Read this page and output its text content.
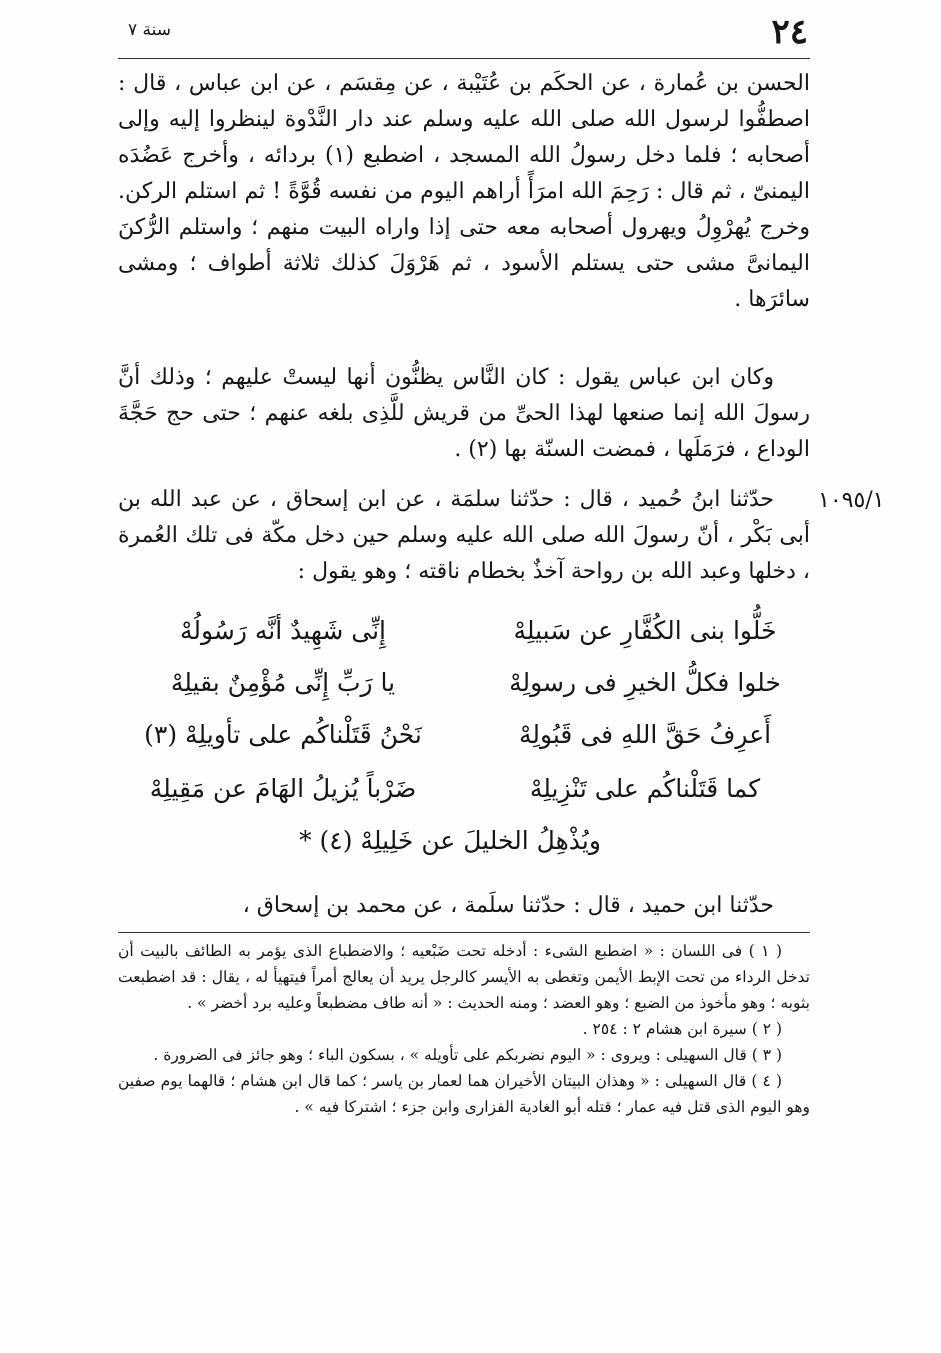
٢٤
سنة ٧

الحسن بن عُمارة ، عن الحكَم بن عُتَيْبة ، عن مِقسَم ، عن ابن عباس ، قال : اصطفُّوا لرسول الله صلى الله عليه وسلم عند دار النَّدْوة لينظروا إليه وإلى أصحابه ؛ فلما دخل رسولُ الله المسجد ، اضطبع (١) بردائه ، وأخرج عَضُدَه اليمنىّ ، ثم قال : رَحِمَ الله امرَأً أراهم اليوم من نفسه قُوَّةً ! ثم استلم الركن. وخرج يُهرْوِلُ ويهرول أصحابه معه حتى إذا واراه البيت منهم ؛ واستلم الرُّكنَ اليمانىَّ مشى حتى يستلم الأسود ، ثم هَرْوَلَ كذلك ثلاثة أطواف ؛ ومشى سائرَها .

وكان ابن عباس يقول : كان النَّاس يظنُّون أنها ليستْ عليهم ؛ وذلك أنَّ رسولَ الله إنما صنعها لهذا الحىِّ من قريش للَّذِى بلغه عنهم ؛ حتى حج حَجَّةَ الوداع ، فرَمَلَها ، فمضت السنّة بها (٢) .

١٠٩٥/١

حدّثنا ابنُ حُميد ، قال : حدّثنا سلمَة ، عن ابن إسحاق ، عن عبد الله بن أبى بَكْر ، أنّ رسولَ الله صلى الله عليه وسلم حين دخل مكّة فى تلك العُمرة ، دخلها وعبد الله بن رواحة آخذٌ بخطام ناقته ؛ وهو يقول :

خَلُّوا بنى الكُفَّارِ عن سَبيلِهْ
إِنِّى شَهِيدٌ أنَّه رَسُولُهْ
خلوا فكلُّ الخيرِ فى رسولِهْ
يا رَبِّ إِنِّى مُؤْمِنٌ بقيلِهْ
أَعرِفُ حَقَّ اللهِ فى قَبُولِهْ
نَحْنُ قَتَلْناكُم على تأويلِهْ (٣)
كما قَتَلْناكُم على تَنْزِيلِهْ
ضَرْباً يُزيلُ الهَامَ عن مَقِيلِهْ
ويُذْهِلُ الخليلَ عن خَلِيلِهْ (٤) *

حدّثنا ابن حميد ، قال : حدّثنا سلَمة ، عن محمد بن إسحاق ،

( ١ ) فى اللسان : « اضطبع الشىء : أدخله تحت ضَبْعيه ؛ والاضطباع الذى يؤمر به الطائف بالبيت أن تدخل الرداء من تحت الإبط الأيمن وتغطى به الأيسر كالرجل يريد أن يعالج أمراً فيتهيأ له ، يقال : قد اضطبعت بثوبه ؛ وهو مأخوذ من الضبع ؛ وهو العضد ؛ ومنه الحديث : « أنه طاف مضطبعاً وعليه برد أخضر » .

( ٢ ) سيرة ابن هشام ٢ : ٢٥٤ .

( ٣ ) قال السهيلى : ويروى : « اليوم نضربكم على تأويله » ، بسكون الباء ؛ وهو جائز فى الضرورة .

( ٤ ) قال السهيلى : « وهذان البيتان الأخيران هما لعمار بن ياسر ؛ كما قال ابن هشام ؛ قالهما يوم صفين وهو اليوم الذى قتل فيه عمار ؛ قتله أبو الغادية الفزارى وابن جزء ؛ اشتركا فيه » .
